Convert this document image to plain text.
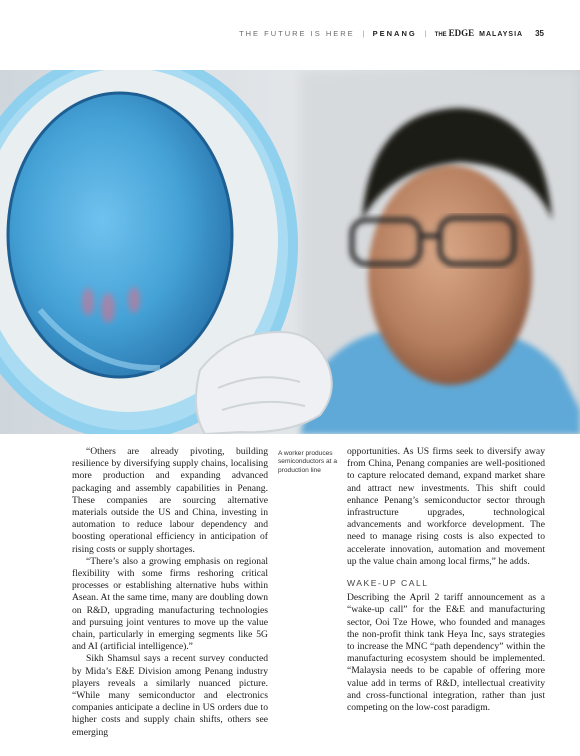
THE FUTURE IS HERE | PENANG | THE EDGE MALAYSIA 35

“Others are already pivoting, building resilience by diversifying supply chains, localising more production and expanding advanced packaging and assembly capabilities in Penang. These companies are sourcing alternative materials outside the US and China, investing in automation to reduce labour dependency and boosting operational efficiency in anticipation of rising costs or supply shortages.

“There’s also a growing emphasis on regional flexibility with some firms reshoring critical processes or establishing alternative hubs within Asean. At the same time, many are doubling down on R&D, upgrading manufacturing technologies and pursuing joint ventures to move up the value chain, particularly in emerging segments like 5G and AI (artificial intelligence).”

Sikh Shamsul says a recent survey conducted by Mida’s E&E Division among Penang industry players reveals a similarly nuanced picture. “While many semiconductor and electronics companies anticipate a decline in US orders due to higher costs and supply chain shifts, others see emerging

A worker produces semiconductors at a production line

opportunities. As US firms seek to diversify away from China, Penang companies are well-positioned to capture relocated demand, expand market share and attract new investments. This shift could enhance Penang’s semiconductor sector through infrastructure upgrades, technological advancements and workforce development. The need to manage rising costs is also expected to accelerate innovation, automation and movement up the value chain among local firms,” he adds.

WAKE-UP CALL

Describing the April 2 tariff announcement as a “wake-up call” for the E&E and manufacturing sector, Ooi Tze Howe, who founded and manages the non-profit think tank Heya Inc, says strategies to increase the MNC “path dependency” within the manufacturing ecosystem should be implemented. “Malaysia needs to be capable of offering more value add in terms of R&D, intellectual creativity and cross-functional integration, rather than just competing on the low-cost paradigm.
